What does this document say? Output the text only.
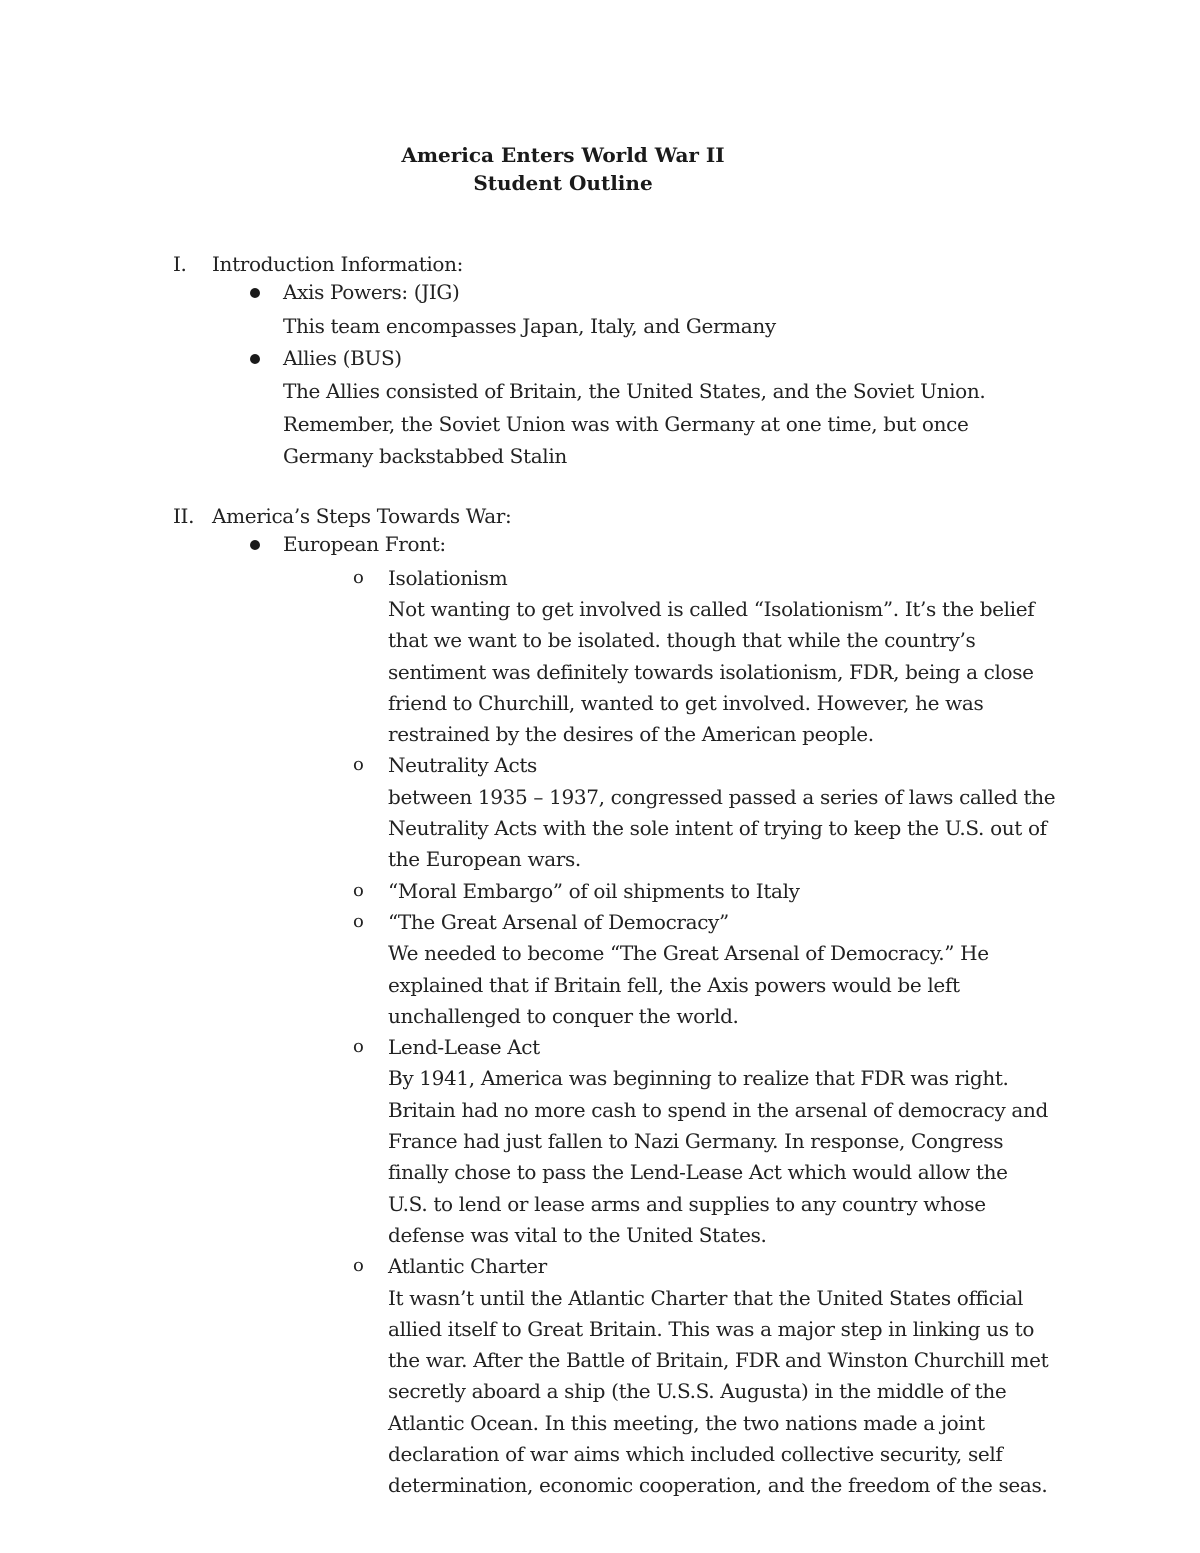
America Enters World War II
Student Outline
I. Introduction Information:
Axis Powers: (JIG)
This team encompasses Japan, Italy, and Germany
Allies (BUS)
The Allies consisted of Britain, the United States, and the Soviet Union.
Remember, the Soviet Union was with Germany at one time, but once
Germany backstabbed Stalin
II. America’s Steps Towards War:
European Front:
o Isolationism
Not wanting to get involved is called “Isolationism”. It’s the belief
that we want to be isolated. though that while the country’s
sentiment was definitely towards isolationism, FDR, being a close
friend to Churchill, wanted to get involved. However, he was
restrained by the desires of the American people.
o Neutrality Acts
between 1935 – 1937, congressed passed a series of laws called the
Neutrality Acts with the sole intent of trying to keep the U.S. out of
the European wars.
o “Moral Embargo” of oil shipments to Italy
o “The Great Arsenal of Democracy”
We needed to become “The Great Arsenal of Democracy.” He
explained that if Britain fell, the Axis powers would be left
unchallenged to conquer the world.
o Lend-Lease Act
By 1941, America was beginning to realize that FDR was right.
Britain had no more cash to spend in the arsenal of democracy and
France had just fallen to Nazi Germany. In response, Congress
finally chose to pass the Lend-Lease Act which would allow the
U.S. to lend or lease arms and supplies to any country whose
defense was vital to the United States.
o Atlantic Charter
It wasn’t until the Atlantic Charter that the United States official
allied itself to Great Britain. This was a major step in linking us to
the war. After the Battle of Britain, FDR and Winston Churchill met
secretly aboard a ship (the U.S.S. Augusta) in the middle of the
Atlantic Ocean. In this meeting, the two nations made a joint
declaration of war aims which included collective security, self
determination, economic cooperation, and the freedom of the seas.
